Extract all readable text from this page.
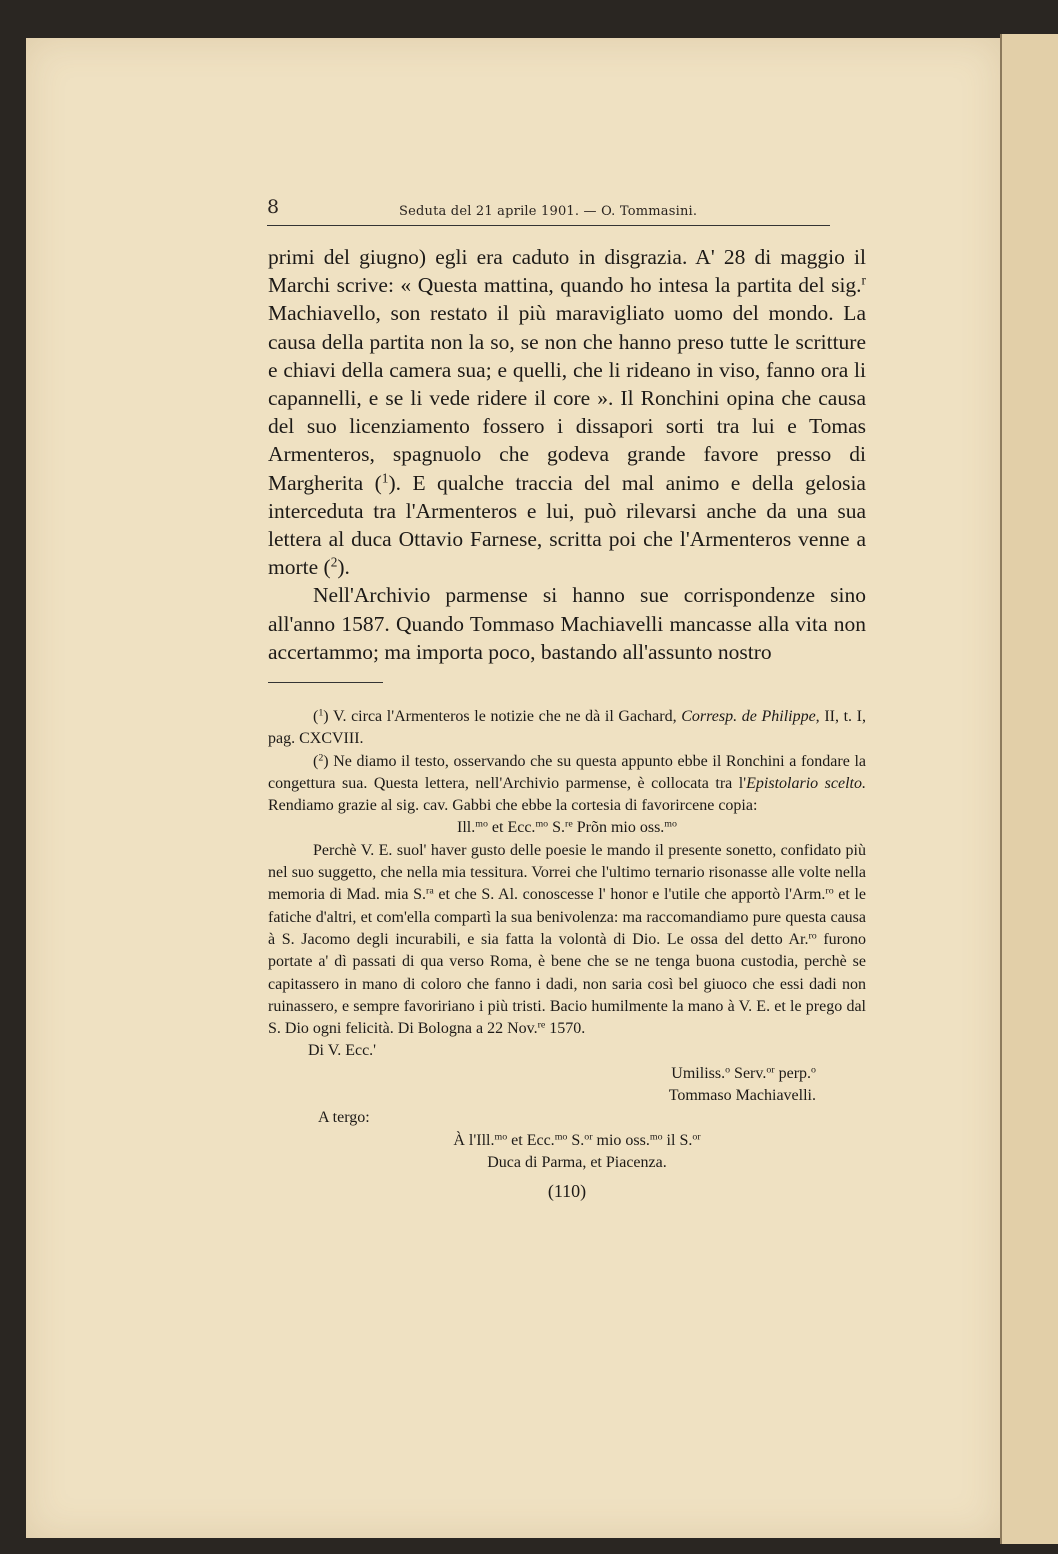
8	Seduta del 21 aprile 1901. — O. Tommasini.

primi del giugno) egli era caduto in disgrazia. A' 28 di maggio il Marchi scrive: « Questa mattina, quando ho intesa la partita del sig.$^r$ Machiavello, son restato il più maravigliato uomo del mondo. La causa della partita non la so, se non che hanno preso tutte le scritture e chiavi della camera sua; e quelli, che li rideano in viso, fanno ora li capannelli, e se li vede ridere il core ». Il Ronchini opina che causa del suo licenziamento fossero i dissapori sorti tra lui e Tomas Armenteros, spagnuolo che godeva grande favore presso di Margherita ($^1$). E qualche traccia del mal animo e della gelosia interceduta tra l'Armenteros e lui, può rilevarsi anche da una sua lettera al duca Ottavio Farnese, scritta poi che l'Armenteros venne a morte ($^2$).

Nell'Archivio parmense si hanno sue corrispondenze sino all'anno 1587. Quando Tommaso Machiavelli mancasse alla vita non accertammo; ma importa poco, bastando all'assunto nostro

($^1$) V. circa l'Armenteros le notizie che ne dà il Gachard, Corresp. de Philippe, II, t. I, pag. CXCVIII.

($^2$) Ne diamo il testo, osservando che su questa appunto ebbe il Ronchini a fondare la congettura sua. Questa lettera, nell'Archivio parmense, è collocata tra l'Epistolario scelto. Rendiamo grazie al sig. cav. Gabbi che ebbe la cortesia di favorircene copia:

Ill.$^{mo}$ et Ecc.$^{mo}$ S.$^{re}$ Prõn mio oss.$^{mo}$

Perchè V. E. suol' haver gusto delle poesie le mando il presente sonetto, confidato più nel suo suggetto, che nella mia tessitura. Vorrei che l'ultimo ternario risonasse alle volte nella memoria di Mad. mia S.$^{ra}$ et che S. Al. conoscesse l' honor e l'utile che apportò l'Arm.$^{ro}$ et le fatiche d'altri, et com'ella compartì la sua benivolenza: ma raccomandiamo pure questa causa à S. Jacomo degli incurabili, e sia fatta la volontà di Dio. Le ossa del detto Ar.$^{ro}$ furono portate a' dì passati di qua verso Roma, è bene che se ne tenga buona custodia, perchè se capitassero in mano di coloro che fanno i dadi, non saria così bel giuoco che essi dadi non ruinassero, e sempre favoririano i più tristi. Bacio humilmente la mano à V. E. et le prego dal S. Dio ogni felicità. Di Bologna a 22 Nov.$^{re}$ 1570.

Di V. Ecc.'
Umiliss.$^o$ Serv.$^{or}$ perp.$^o$
Tommaso Machiavelli.
A tergo:
À l'Ill.$^{mo}$ et Ecc.$^{mo}$ S.$^{or}$ mio oss.$^{mo}$ il S.$^{or}$
Duca di Parma, et Piacenza.
(110)
